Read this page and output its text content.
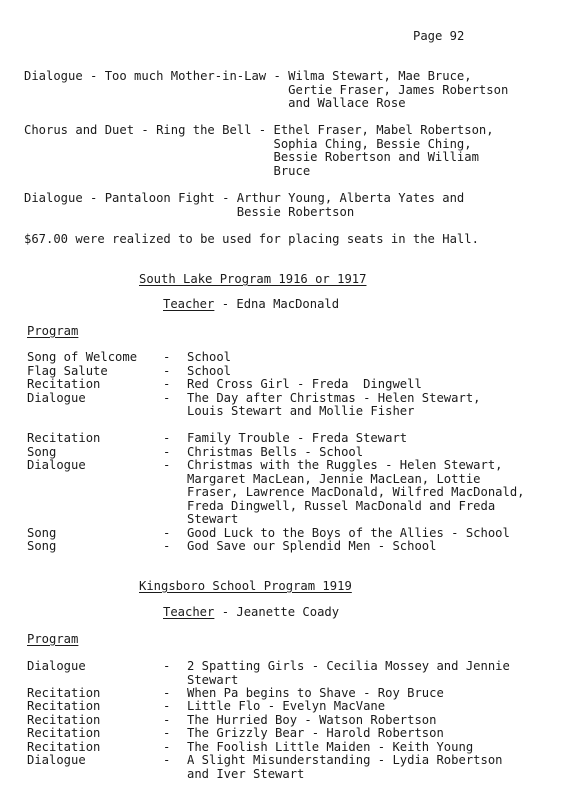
Page 92
Dialogue - Too much Mother-in-Law - Wilma Stewart, Mae Bruce,
Gertie Fraser, James Robertson
and Wallace Rose
Chorus and Duet - Ring the Bell - Ethel Fraser, Mabel Robertson,
Sophia Ching, Bessie Ching,
Bessie Robertson and William
Bruce
Dialogue - Pantaloon Fight - Arthur Young, Alberta Yates and
Bessie Robertson
$67.00 were realized to be used for placing seats in the Hall.
South Lake Program 1916 or 1917
Teacher - Edna MacDonald
Program
Song of Welcome	-	School
Flag Salute	-	School
Recitation	-	Red Cross Girl - Freda  Dingwell
Dialogue	-	The Day after Christmas - Helen Stewart,
Louis Stewart and Mollie Fisher
Recitation	-	Family Trouble - Freda Stewart
Song	-	Christmas Bells - School
Dialogue	-	Christmas with the Ruggles - Helen Stewart,
Margaret MacLean, Jennie MacLean, Lottie
Fraser, Lawrence MacDonald, Wilfred MacDonald,
Freda Dingwell, Russel MacDonald and Freda
Stewart
Song	-	Good Luck to the Boys of the Allies - School
Song	-	God Save our Splendid Men - School
Kingsboro School Program 1919
Teacher - Jeanette Coady
Program
Dialogue	-	2 Spatting Girls - Cecilia Mossey and Jennie
Stewart
Recitation	-	When Pa begins to Shave - Roy Bruce
Recitation	-	Little Flo - Evelyn MacVane
Recitation	-	The Hurried Boy - Watson Robertson
Recitation	-	The Grizzly Bear - Harold Robertson
Recitation	-	The Foolish Little Maiden - Keith Young
Dialogue	-	A Slight Misunderstanding - Lydia Robertson
and Iver Stewart
